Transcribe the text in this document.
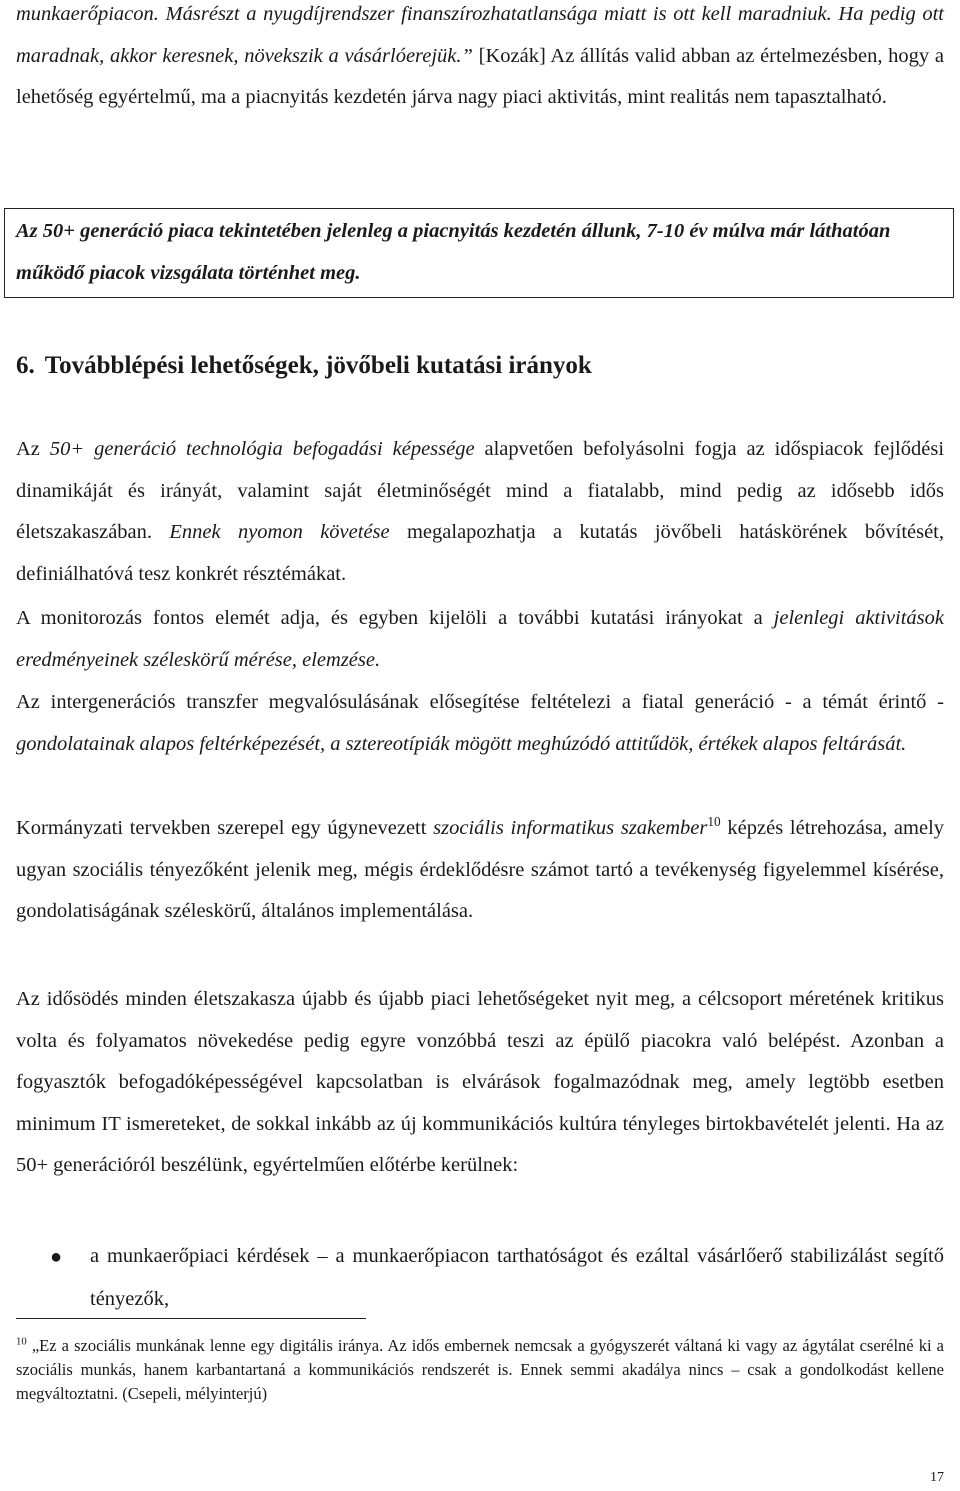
munkaerőpiacon. Másrészt a nyugdíjrendszer finanszírozhatatlansága miatt is ott kell maradniuk. Ha pedig ott maradnak, akkor keresnek, növekszik a vásárlóerejük.” [Kozák] Az állítás valid abban az értelmezésben, hogy a lehetőség egyértelmű, ma a piacnyitás kezdetén járva nagy piaci aktivitás, mint realitás nem tapasztalható.

Az 50+ generáció piaca tekintetében jelenleg a piacnyitás kezdetén állunk, 7-10 év múlva már láthatóan működő piacok vizsgálata történhet meg.

6. Továbblépési lehetőségek, jövőbeli kutatási irányok

Az 50+ generáció technológia befogadási képessége alapvetően befolyásolni fogja az időspiacok fejlődési dinamikáját és irányát, valamint saját életminőségét mind a fiatalabb, mind pedig az idősebb idős életszakaszában. Ennek nyomon követése megalapozhatja a kutatás jövőbeli hatáskörének bővítését, definiálhatóvá tesz konkrét résztémákat.

A monitorozás fontos elemét adja, és egyben kijelöli a további kutatási irányokat a jelenlegi aktivitások eredményeinek széleskörű mérése, elemzése.

Az intergenerációs transzfer megvalósulásának elősegítése feltételezi a fiatal generáció - a témát érintő - gondolatainak alapos feltérképezését, a sztereotípiák mögött meghúzódó attitűdök, értékek alapos feltárását.

Kormányzati tervekben szerepel egy úgynevezett szociális informatikus szakember$^{10}$ képzés létrehozása, amely ugyan szociális tényezőként jelenik meg, mégis érdeklődésre számot tartó a tevékenység figyelemmel kísérése, gondolatiságának széleskörű, általános implementálása.

Az idősödés minden életszakasza újabb és újabb piaci lehetőségeket nyit meg, a célcsoport méretének kritikus volta és folyamatos növekedése pedig egyre vonzóbbá teszi az épülő piacokra való belépést. Azonban a fogyasztók befogadóképességével kapcsolatban is elvárások fogalmazódnak meg, amely legtöbb esetben minimum IT ismereteket, de sokkal inkább az új kommunikációs kultúra tényleges birtokbavételét jelenti. Ha az 50+ generációról beszélünk, egyértelműen előtérbe kerülnek:

● a munkaerőpiaci kérdések – a munkaerőpiacon tarthatóságot és ezáltal vásárlőerő stabilizálást segítő tényezők,

$^{10}$ „Ez a szociális munkának lenne egy digitális iránya. Az idős embernek nemcsak a gyógyszerét váltaná ki vagy az ágytálat cserélné ki a szociális munkás, hanem karbantartaná a kommunikációs rendszerét is. Ennek semmi akadálya nincs – csak a gondolkodást kellene megváltoztatni. (Csepeli, mélyinterjú)

17
